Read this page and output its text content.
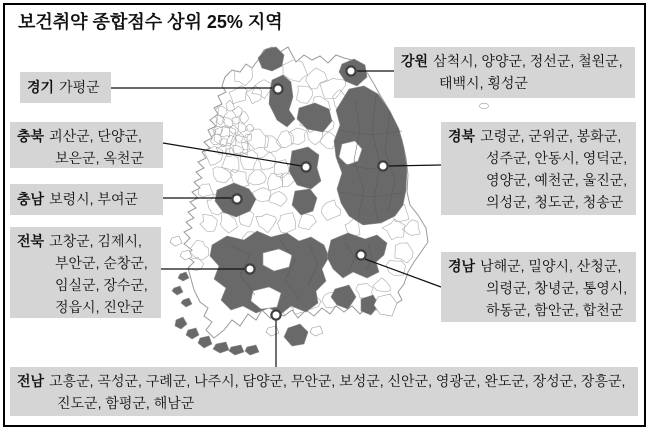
보건취약 종합점수 상위 25% 지역
경기 가평군
강원 삼척시, 양양군, 정선군, 철원군,
태백시, 횡성군
충북 괴산군, 단양군,
보은군, 옥천군
충남 보령시, 부여군
전북 고창군, 김제시,
부안군, 순창군,
임실군, 장수군,
정읍시, 진안군
경북 고령군, 군위군, 봉화군,
성주군, 안동시, 영덕군,
영양군, 예천군, 울진군,
의성군, 청도군, 청송군
경남 남해군, 밀양시, 산청군,
의령군, 창녕군, 통영시,
하동군, 함안군, 합천군
전남 고흥군, 곡성군, 구례군, 나주시, 담양군, 무안군, 보성군, 신안군, 영광군, 완도군, 장성군, 장흥군,
진도군, 함평군, 해남군
